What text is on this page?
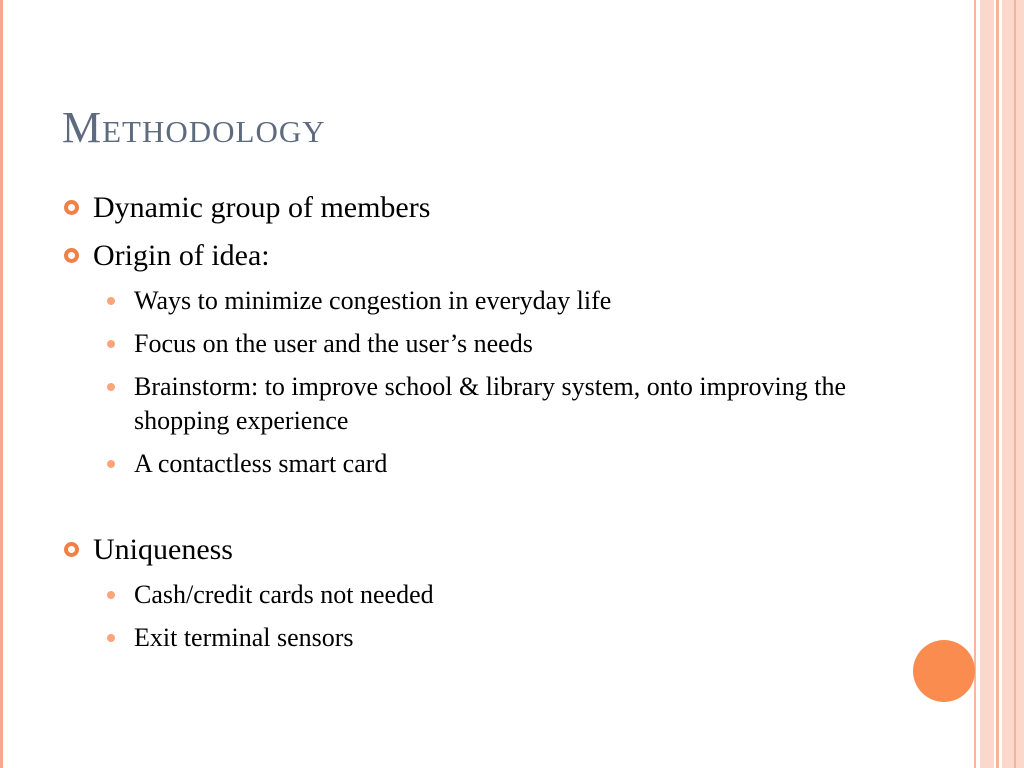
Methodology
Dynamic group of members
Origin of idea:
Ways to minimize congestion in everyday life
Focus on the user and the user’s needs
Brainstorm: to improve school & library system, onto improving the shopping experience
A contactless smart card
Uniqueness
Cash/credit cards not needed
Exit terminal sensors
